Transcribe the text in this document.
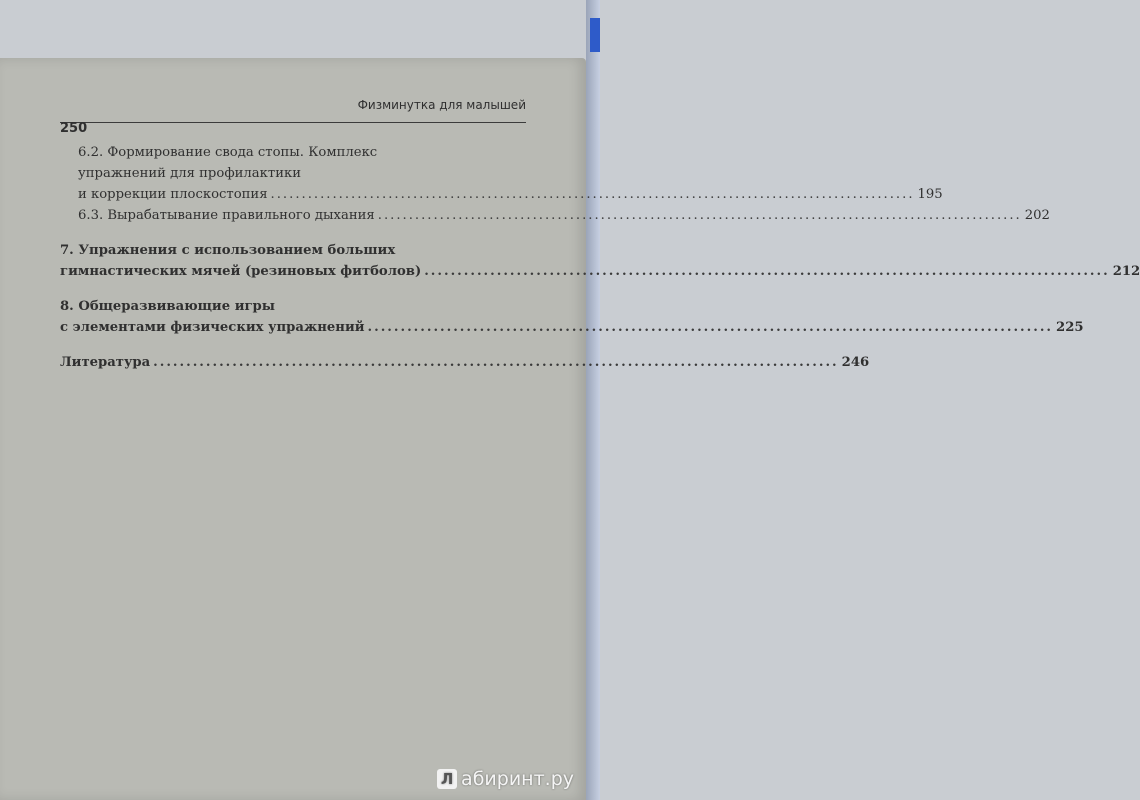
250
Физминутка для малышей
6.2. Формирование свода стопы. Комплекс
упражнений для профилактики
и коррекции плоскостопия ........................................................................................................ 195
6.3. Вырабатывание правильного дыхания ........................................................................................................ 202
7. Упражнения с использованием больших
гимнастических мячей (резиновых фитболов) ........................................................................................................ 212
8. Общеразвивающие игры
с элементами физических упражнений ........................................................................................................ 225
Литература ........................................................................................................ 246
Л абиринт.ру
